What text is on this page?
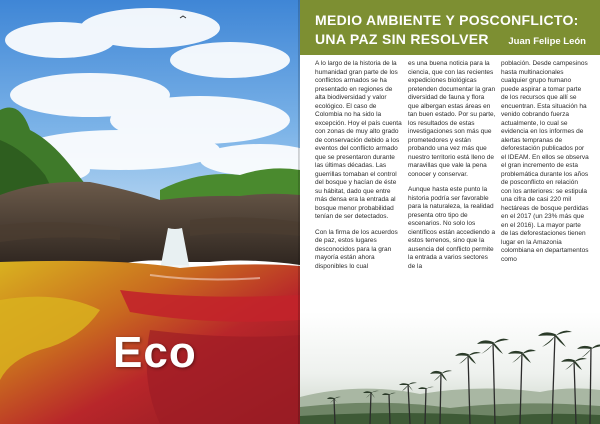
Eco
MEDIO AMBIENTE Y POSCONFLICTO:
UNA PAZ SIN RESOLVER Juan Felipe León

A lo largo de la historia de la humanidad gran parte de los conflictos armados se ha presentado en regiones de alta biodiversidad y valor ecológico. El caso de Colombia no ha sido la excepción. Hoy el país cuenta con zonas de muy alto grado de conservación debido a los eventos del conflicto armado que se presentaron durante las últimas décadas. Las guerrillas tomaban el control del bosque y hacían de éste su hábitat, dado que entre más densa era la entrada al bosque menor probabilidad tenían de ser detectados.

Con la firma de los acuerdos de paz, estos lugares desconocidos para la gran mayoría están ahora disponibles lo cual

es una buena noticia para la ciencia, que con las recientes expediciones biológicas pretenden documentar la gran diversidad de fauna y flora que albergan estas áreas en tan buen estado. Por su parte, los resultados de estas investigaciones son más que prometedores y están probando una vez más que nuestro territorio está lleno de maravillas que vale la pena conocer y conservar.

Aunque hasta este punto la historia podría ser favorable para la naturaleza, la realidad presenta otro tipo de escenarios. No solo los científicos están accediendo a estos terrenos, sino que la ausencia del conflicto permite la entrada a varios sectores de la

población. Desde campesinos hasta multinacionales cualquier grupo humano puede aspirar a tomar parte de los recursos que allí se encuentran. Esta situación ha venido cobrando fuerza actualmente, lo cual se evidencia en los informes de alertas tempranas de deforestación publicados por el IDEAM. En ellos se observa el gran incremento de esta problemática durante los años de posconflicto en relación con los anteriores: se estipula una cifra de casi 220 mil hectáreas de bosque perdidas en el 2017 (un 23% más que en el 2016). La mayor parte de las deforestaciones tienen lugar en la Amazonia colombiana en departamentos como
